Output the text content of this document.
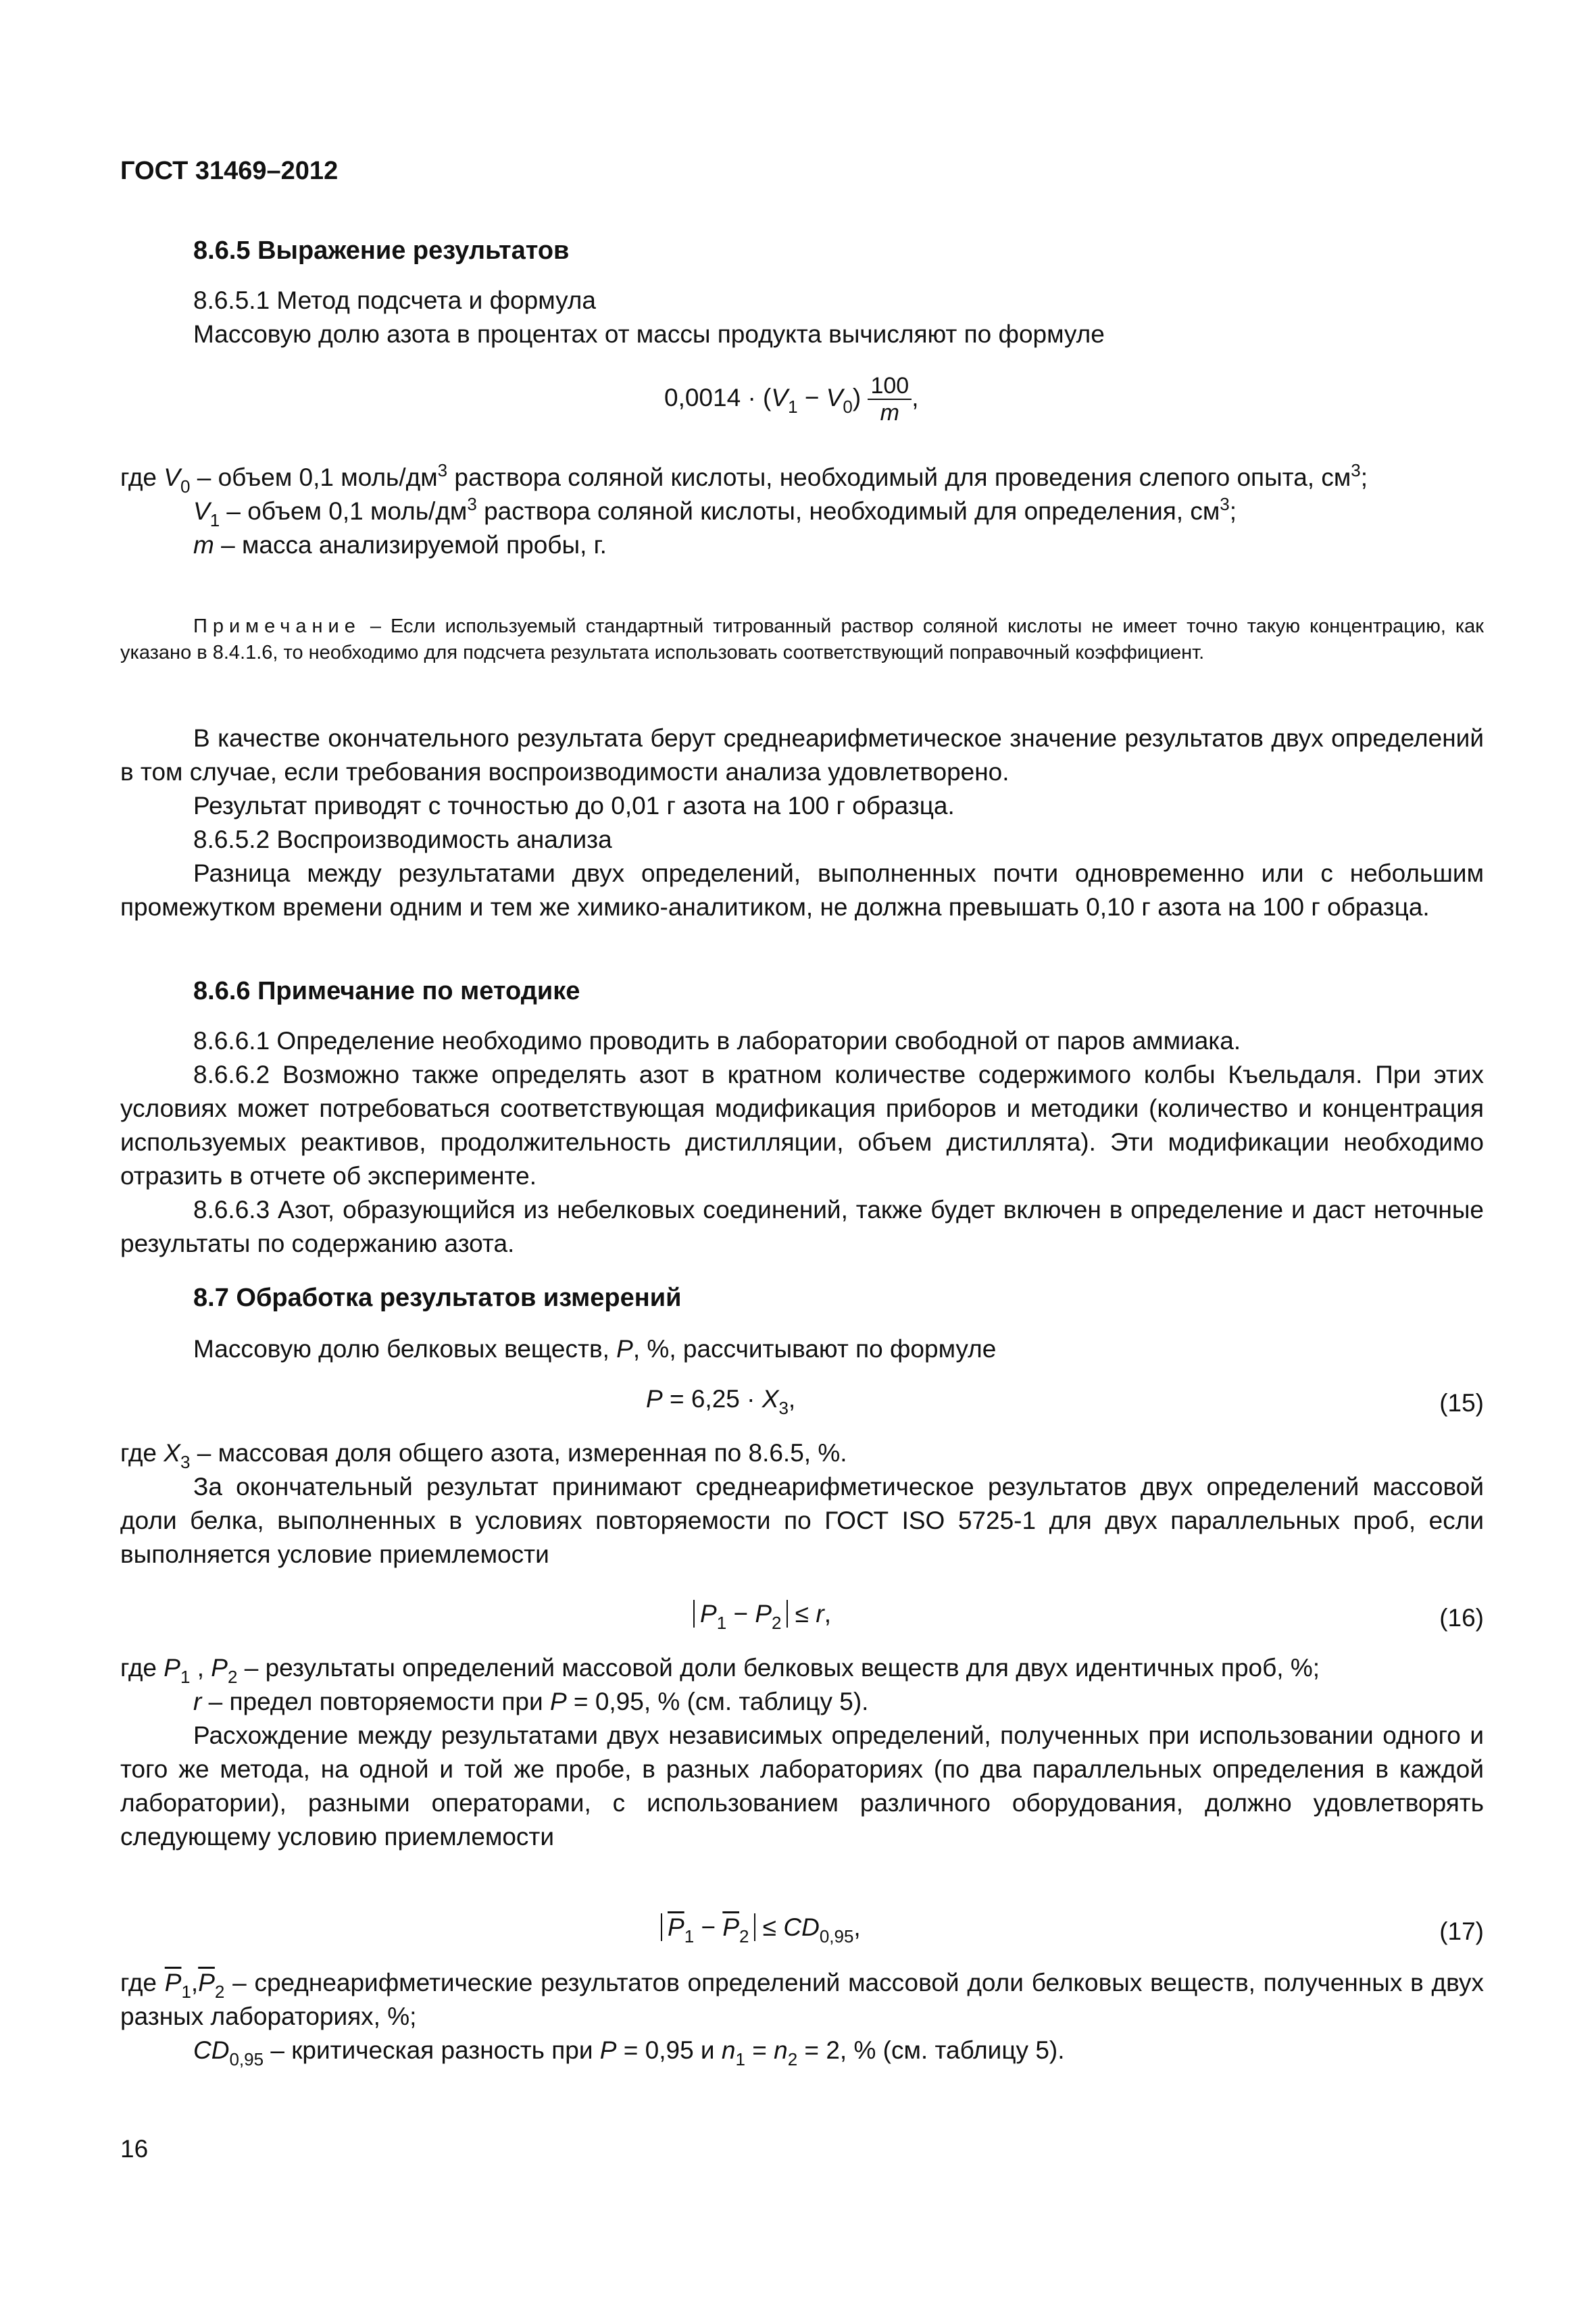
ГОСТ 31469–2012

8.6.5 Выражение результатов

8.6.5.1 Метод подсчета и формула

Массовую долю азота в процентах от массы продукта вычисляют по формуле

$0,0014 \cdot (V_1 - V_0) \frac{100}{m}$ ,

где $V_0$ – объем 0,1 моль/$дм^3$ раствора соляной кислоты, необходимый для проведения слепого опыта, $см^3$;

$V_1$ – объем 0,1 моль/$дм^3$ раствора соляной кислоты, необходимый для определения, $см^3$;

m – масса анализируемой пробы, г.

Примечание – Если используемый стандартный титрованный раствор соляной кислоты не имеет точно такую концентрацию, как указано в 8.4.1.6, то необходимо для подсчета результата использовать соответствующий поправочный коэффициент.

В качестве окончательного результата берут среднеарифметическое значение результатов двух определений в том случае, если требования воспроизводимости анализа удовлетворено.

Результат приводят с точностью до 0,01 г азота на 100 г образца.

8.6.5.2 Воспроизводимость анализа

Разница между результатами двух определений, выполненных почти одновременно или с небольшим промежутком времени одним и тем же химико-аналитиком, не должна превышать 0,10 г азота на 100 г образца.

8.6.6 Примечание по методике

8.6.6.1 Определение необходимо проводить в лаборатории свободной от паров аммиака.

8.6.6.2 Возможно также определять азот в кратном количестве содержимого колбы Къельдаля. При этих условиях может потребоваться соответствующая модификация приборов и методики (количество и концентрация используемых реактивов, продолжительность дистилляции, объем дистиллята). Эти модификации необходимо отразить в отчете об эксперименте.

8.6.6.3 Азот, образующийся из небелковых соединений, также будет включен в определение и даст неточные результаты по содержанию азота.

8.7 Обработка результатов измерений

Массовую долю белковых веществ, P, %, рассчитывают по формуле

$P = 6,25 \cdot X_3$,	(15)

где $X_3$ – массовая доля общего азота, измеренная по 8.6.5, %.

За окончательный результат принимают среднеарифметическое результатов двух определений массовой доли белка, выполненных в условиях повторяемости по ГОСТ ISO 5725-1 для двух параллельных проб, если выполняется условие приемлемости

$P_1 - P_2 \le r$,	(16)

где $P_1$ , $P_2$ – результаты определений массовой доли белковых веществ для двух идентичных проб, %;

r – предел повторяемости при P = 0,95, % (см. таблицу 5).

Расхождение между результатами двух независимых определений, полученных при использовании одного и того же метода, на одной и той же пробе, в разных лабораториях (по два параллельных определения в каждой лаборатории), разными операторами, с использованием различного оборудования, должно удовлетворять следующему условию приемлемости

$\overline{P}_1 - \overline{P}_2 \le CD_{0,95}$,	(17)

где $\overline{P}_1,\overline{P}_2$ – среднеарифметические результатов определений массовой доли белковых веществ, полученных в двух разных лабораториях, %;

$CD_{0,95}$ – критическая разность при P = 0,95 и $n_1 = n_2 = 2$, % (см. таблицу 5).

16
